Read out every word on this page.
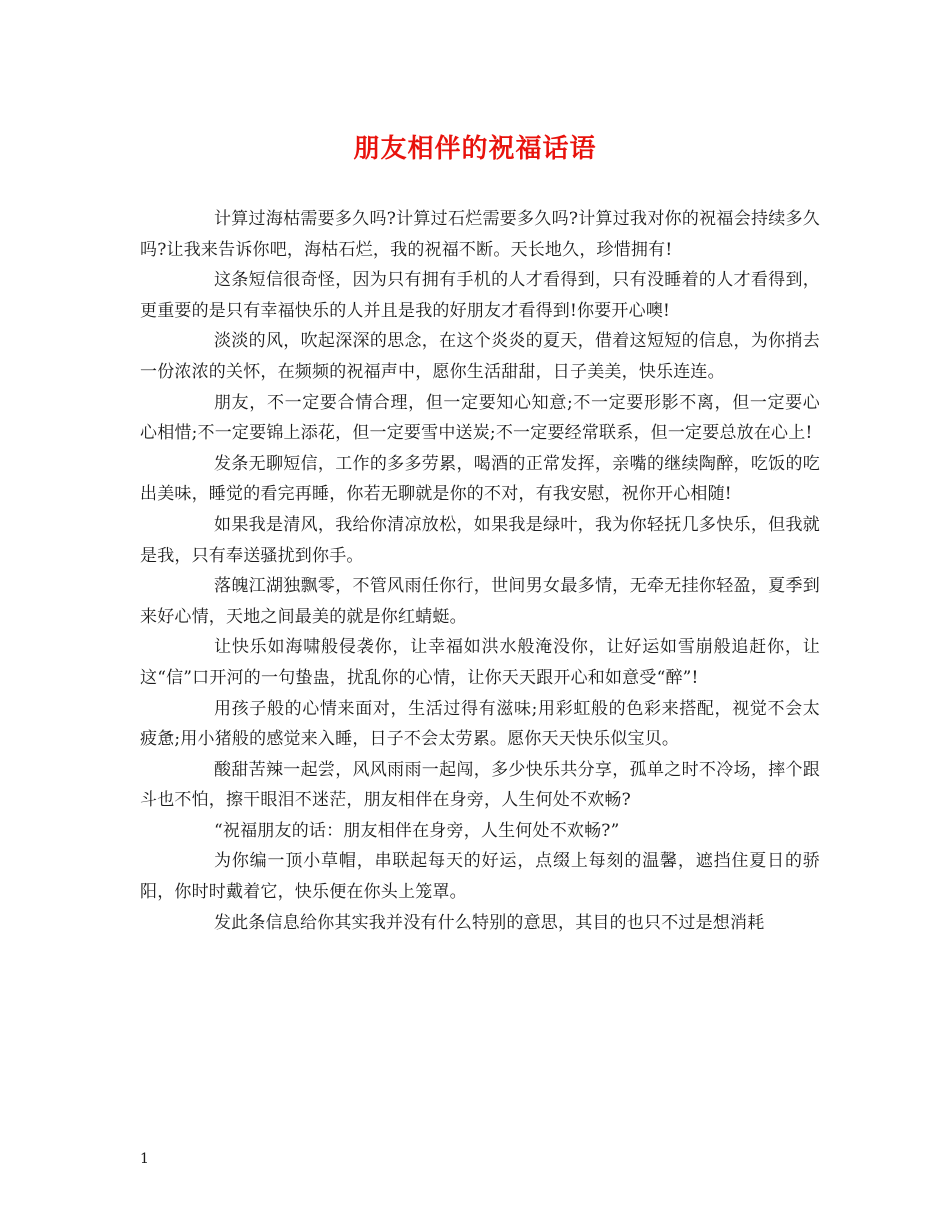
朋友相伴的祝福话语

计算过海枯需要多久吗?计算过石烂需要多久吗?计算过我对你的祝福会持续多久吗?让我来告诉你吧，海枯石烂，我的祝福不断。天长地久，珍惜拥有!

这条短信很奇怪，因为只有拥有手机的人才看得到，只有没睡着的人才看得到，更重要的是只有幸福快乐的人并且是我的好朋友才看得到!你要开心噢!

淡淡的风，吹起深深的思念，在这个炎炎的夏天，借着这短短的信息，为你捎去一份浓浓的关怀，在频频的祝福声中，愿你生活甜甜，日子美美，快乐连连。

朋友，不一定要合情合理，但一定要知心知意;不一定要形影不离，但一定要心心相惜;不一定要锦上添花，但一定要雪中送炭;不一定要经常联系，但一定要总放在心上!

发条无聊短信，工作的多多劳累，喝酒的正常发挥，亲嘴的继续陶醉，吃饭的吃出美味，睡觉的看完再睡，你若无聊就是你的不对，有我安慰，祝你开心相随!

如果我是清风，我给你清凉放松，如果我是绿叶，我为你轻抚几多快乐，但我就是我，只有奉送骚扰到你手。

落魄江湖独飘零，不管风雨任你行，世间男女最多情，无牵无挂你轻盈，夏季到来好心情，天地之间最美的就是你红蜻蜓。

让快乐如海啸般侵袭你，让幸福如洪水般淹没你，让好运如雪崩般追赶你，让这“信”口开河的一句蛰蛊，扰乱你的心情，让你天天跟开心和如意受“醉”!

用孩子般的心情来面对，生活过得有滋味;用彩虹般的色彩来搭配，视觉不会太疲惫;用小猪般的感觉来入睡，日子不会太劳累。愿你天天快乐似宝贝。

酸甜苦辣一起尝，风风雨雨一起闯，多少快乐共分享，孤单之时不冷场，摔个跟斗也不怕，擦干眼泪不迷茫，朋友相伴在身旁，人生何处不欢畅?

“祝福朋友的话：朋友相伴在身旁，人生何处不欢畅?”

为你编一顶小草帽，串联起每天的好运，点缀上每刻的温馨，遮挡住夏日的骄阳，你时时戴着它，快乐便在你头上笼罩。

发此条信息给你其实我并没有什么特别的意思，其目的也只不过是想消耗

1
